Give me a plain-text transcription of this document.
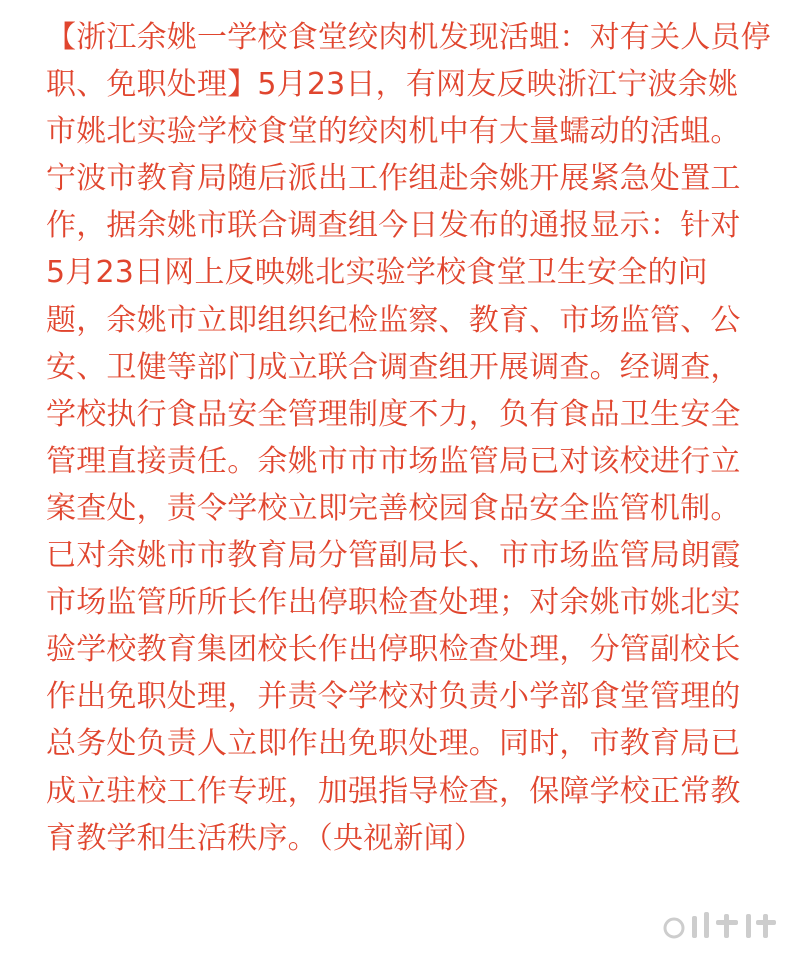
【浙江余姚一学校食堂绞肉机发现活蛆：对有关人员停
职、免职处理】5月23日，有网友反映浙江宁波余姚
市姚北实验学校食堂的绞肉机中有大量蠕动的活蛆。
宁波市教育局随后派出工作组赴余姚开展紧急处置工
作，据余姚市联合调查组今日发布的通报显示：针对
5月23日网上反映姚北实验学校食堂卫生安全的问
题，余姚市立即组织纪检监察、教育、市场监管、公
安、卫健等部门成立联合调查组开展调查。经调查，
学校执行食品安全管理制度不力，负有食品卫生安全
管理直接责任。余姚市市市场监管局已对该校进行立
案查处，责令学校立即完善校园食品安全监管机制。
已对余姚市市教育局分管副局长、市市场监管局朗霞
市场监管所所长作出停职检查处理；对余姚市姚北实
验学校教育集团校长作出停职检查处理，分管副校长
作出免职处理，并责令学校对负责小学部食堂管理的
总务处负责人立即作出免职处理。同时，市教育局已
成立驻校工作专班，加强指导检查，保障学校正常教
育教学和生活秩序。（央视新闻）
